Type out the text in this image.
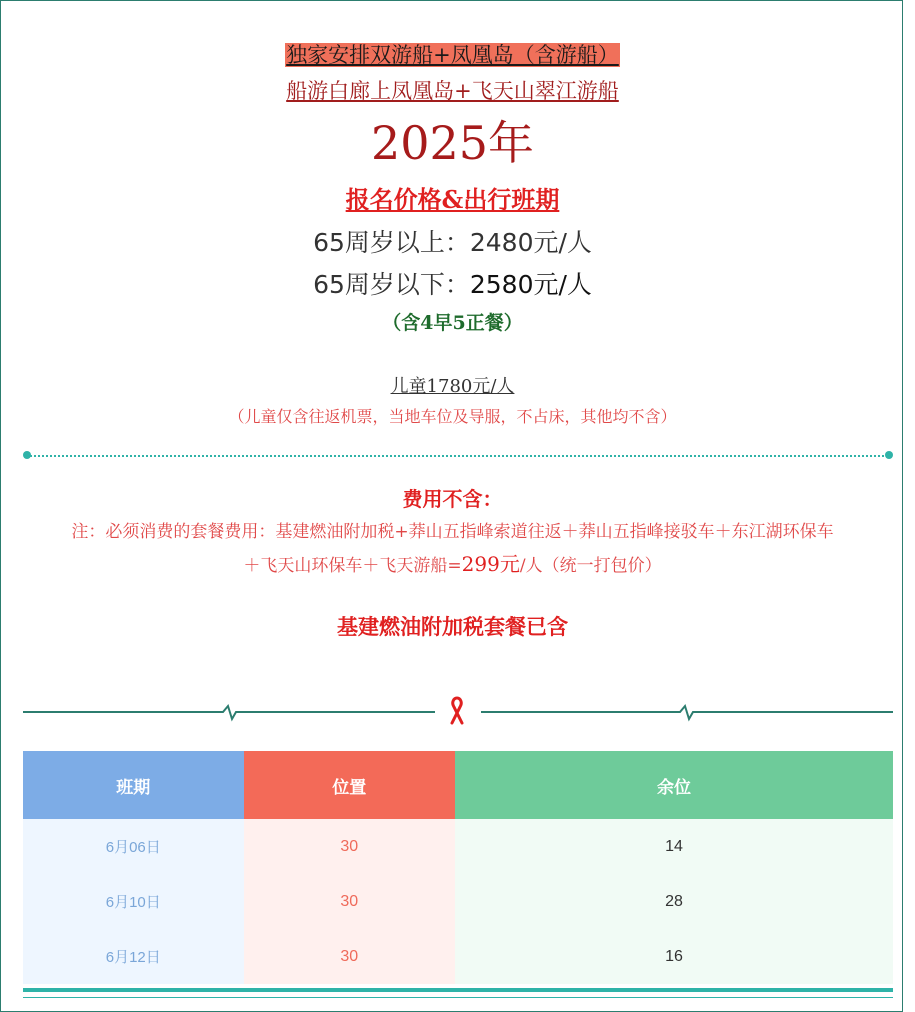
独家安排双游船+凤凰岛（含游船）
船游白廊上凤凰岛+飞天山翠江游船
2025年
报名价格&出行班期
65周岁以上：2480元/人
65周岁以下：2580元/人
（含4早5正餐）
儿童1780元/人
（儿童仅含往返机票，当地车位及导服，不占床，其他均不含）
费用不含：
注：必须消费的套餐费用：基建燃油附加税+莽山五指峰索道往返＋莽山五指峰接驳车＋东江湖环保车
＋飞天山环保车＋飞天游船=299元/人（统一打包价）
基建燃油附加税套餐已含
班期	位置	余位
6月06日	30	14
6月10日	30	28
6月12日	30	16
